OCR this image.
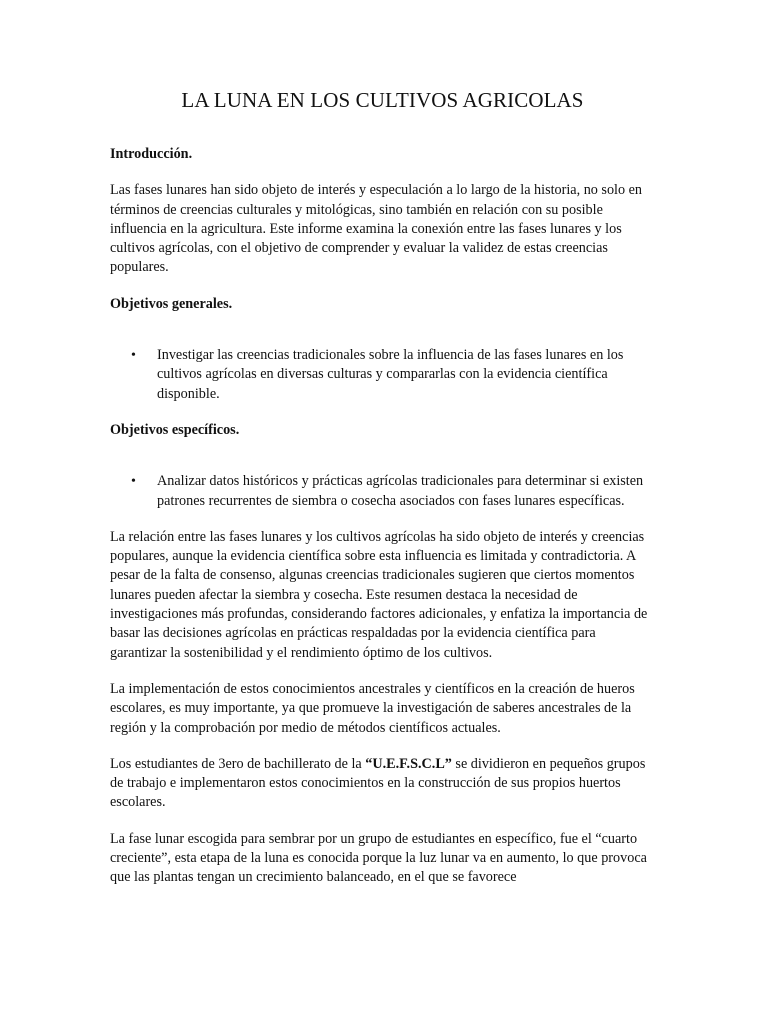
LA LUNA EN LOS CULTIVOS AGRICOLAS
Introducción.

Las fases lunares han sido objeto de interés y especulación a lo largo de la historia, no solo en términos de creencias culturales y mitológicas, sino también en relación con su posible influencia en la agricultura. Este informe examina la conexión entre las fases lunares y los cultivos agrícolas, con el objetivo de comprender y evaluar la validez de estas creencias populares.

Objetivos generales.
• Investigar las creencias tradicionales sobre la influencia de las fases lunares en los cultivos agrícolas en diversas culturas y compararlas con la evidencia científica disponible.
Objetivos específicos.
• Analizar datos históricos y prácticas agrícolas tradicionales para determinar si existen patrones recurrentes de siembra o cosecha asociados con fases lunares específicas.

La relación entre las fases lunares y los cultivos agrícolas ha sido objeto de interés y creencias populares, aunque la evidencia científica sobre esta influencia es limitada y contradictoria. A pesar de la falta de consenso, algunas creencias tradicionales sugieren que ciertos momentos lunares pueden afectar la siembra y cosecha. Este resumen destaca la necesidad de investigaciones más profundas, considerando factores adicionales, y enfatiza la importancia de basar las decisiones agrícolas en prácticas respaldadas por la evidencia científica para garantizar la sostenibilidad y el rendimiento óptimo de los cultivos.

La implementación de estos conocimientos ancestrales y científicos en la creación de hueros escolares, es muy importante, ya que promueve la investigación de saberes ancestrales de la región y la comprobación por medio de métodos científicos actuales.

Los estudiantes de 3ero de bachillerato de la “U.E.F.S.C.L” se dividieron en pequeños grupos de trabajo e implementaron estos conocimientos en la construcción de sus propios huertos escolares.

La fase lunar escogida para sembrar por un grupo de estudiantes en específico, fue el “cuarto creciente”, esta etapa de la luna es conocida porque la luz lunar va en aumento, lo que provoca que las plantas tengan un crecimiento balanceado, en el que se favorece
